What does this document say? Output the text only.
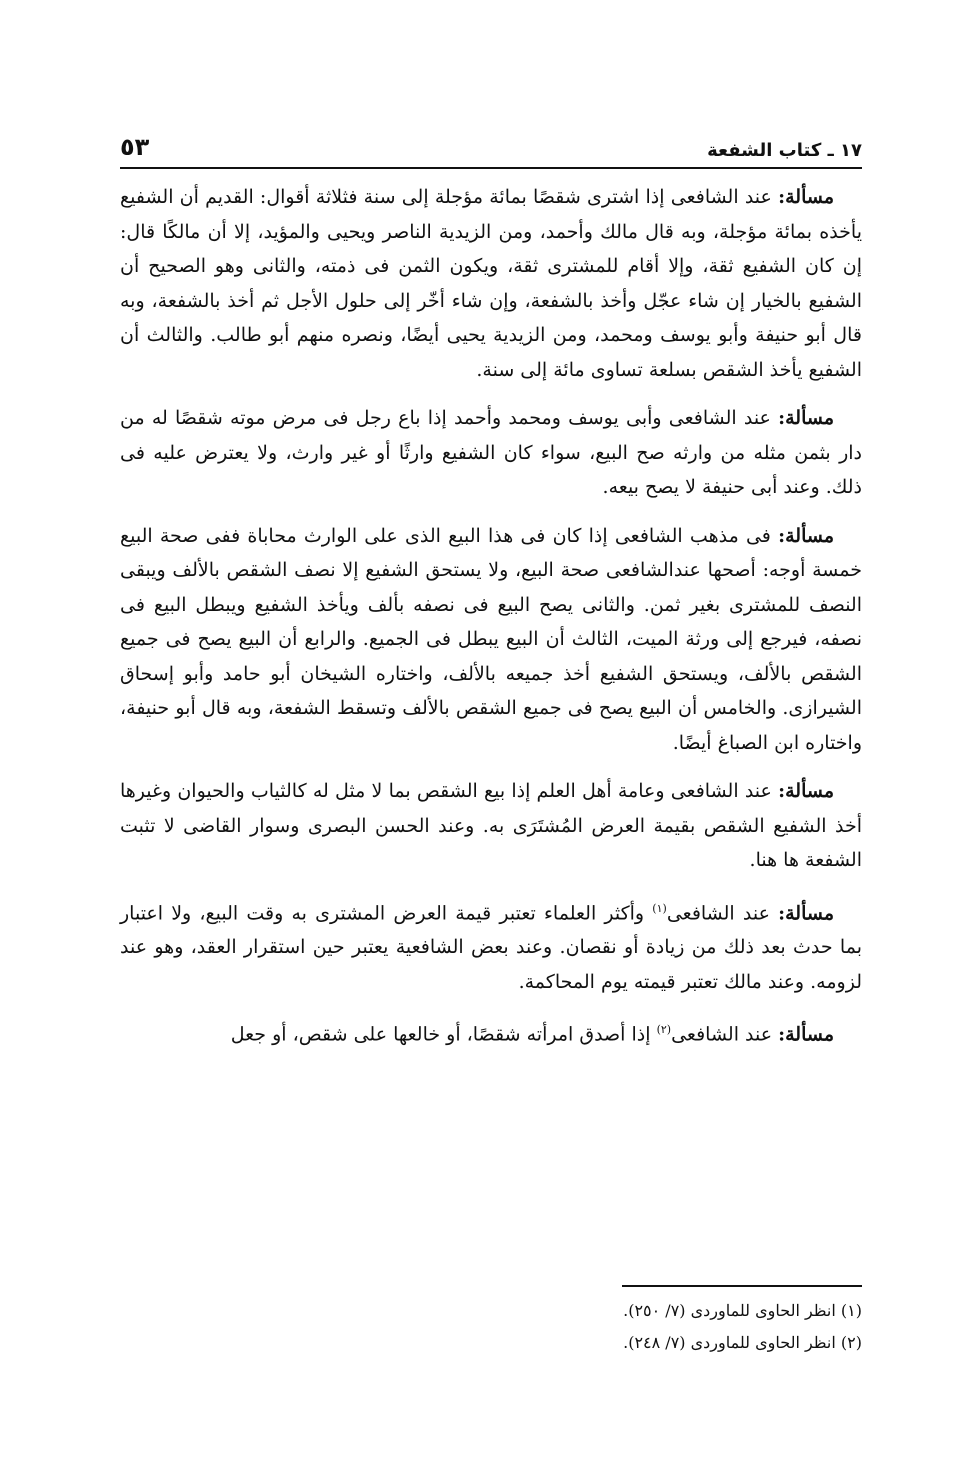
١٧ ـ كتاب الشفعة
٥٣

مسألة: عند الشافعى إذا اشترى شقصًا بمائة مؤجلة إلى سنة فثلاثة أقوال: القديم أن الشفيع يأخذه بمائة مؤجلة، وبه قال مالك وأحمد، ومن الزيدية الناصر ويحيى والمؤيد، إلا أن مالكًا قال: إن كان الشفيع ثقة، وإلا أقام للمشترى ثقة، ويكون الثمن فى ذمته، والثانى وهو الصحيح أن الشفيع بالخيار إن شاء عجّل وأخذ بالشفعة، وإن شاء أخّر إلى حلول الأجل ثم أخذ بالشفعة، وبه قال أبو حنيفة وأبو يوسف ومحمد، ومن الزيدية يحيى أيضًا، ونصره منهم أبو طالب. والثالث أن الشفيع يأخذ الشقص بسلعة تساوى مائة إلى سنة.

مسألة: عند الشافعى وأبى يوسف ومحمد وأحمد إذا باع رجل فى مرض موته شقصًا له من دار بثمن مثله من وارثه صح البيع، سواء كان الشفيع وارثًا أو غير وارث، ولا يعترض عليه فى ذلك. وعند أبى حنيفة لا يصح بيعه.

مسألة: فى مذهب الشافعى إذا كان فى هذا البيع الذى على الوارث محاباة ففى صحة البيع خمسة أوجه: أصحها عندالشافعى صحة البيع، ولا يستحق الشفيع إلا نصف الشقص بالألف ويبقى النصف للمشترى بغير ثمن. والثانى يصح البيع فى نصفه بألف ويأخذ الشفيع ويبطل البيع فى نصفه، فيرجع إلى ورثة الميت، الثالث أن البيع يبطل فى الجميع. والرابع أن البيع يصح فى جميع الشقص بالألف، ويستحق الشفيع أخذ جميعه بالألف، واختاره الشيخان أبو حامد وأبو إسحاق الشيرازى. والخامس أن البيع يصح فى جميع الشقص بالألف وتسقط الشفعة، وبه قال أبو حنيفة، واختاره ابن الصباغ أيضًا.

مسألة: عند الشافعى وعامة أهل العلم إذا بيع الشقص بما لا مثل له كالثياب والحيوان وغيرها أخذ الشفيع الشقص بقيمة العرض المُشتَرَى به. وعند الحسن البصرى وسوار القاضى لا تثبت الشفعة ها هنا.

مسألة: عند الشافعى$^{(١)}$ وأكثر العلماء تعتبر قيمة العرض المشترى به وقت البيع، ولا اعتبار بما حدث بعد ذلك من زيادة أو نقصان. وعند بعض الشافعية يعتبر حين استقرار العقد، وهو عند لزومه. وعند مالك تعتبر قيمته يوم المحاكمة.

مسألة: عند الشافعى$^{(٢)}$ إذا أصدق امرأته شقصًا، أو خالعها على شقص، أو جعل

(١) انظر الحاوى للماوردى (٧/ ٢٥٠).

(٢) انظر الحاوى للماوردى (٧/ ٢٤٨).
